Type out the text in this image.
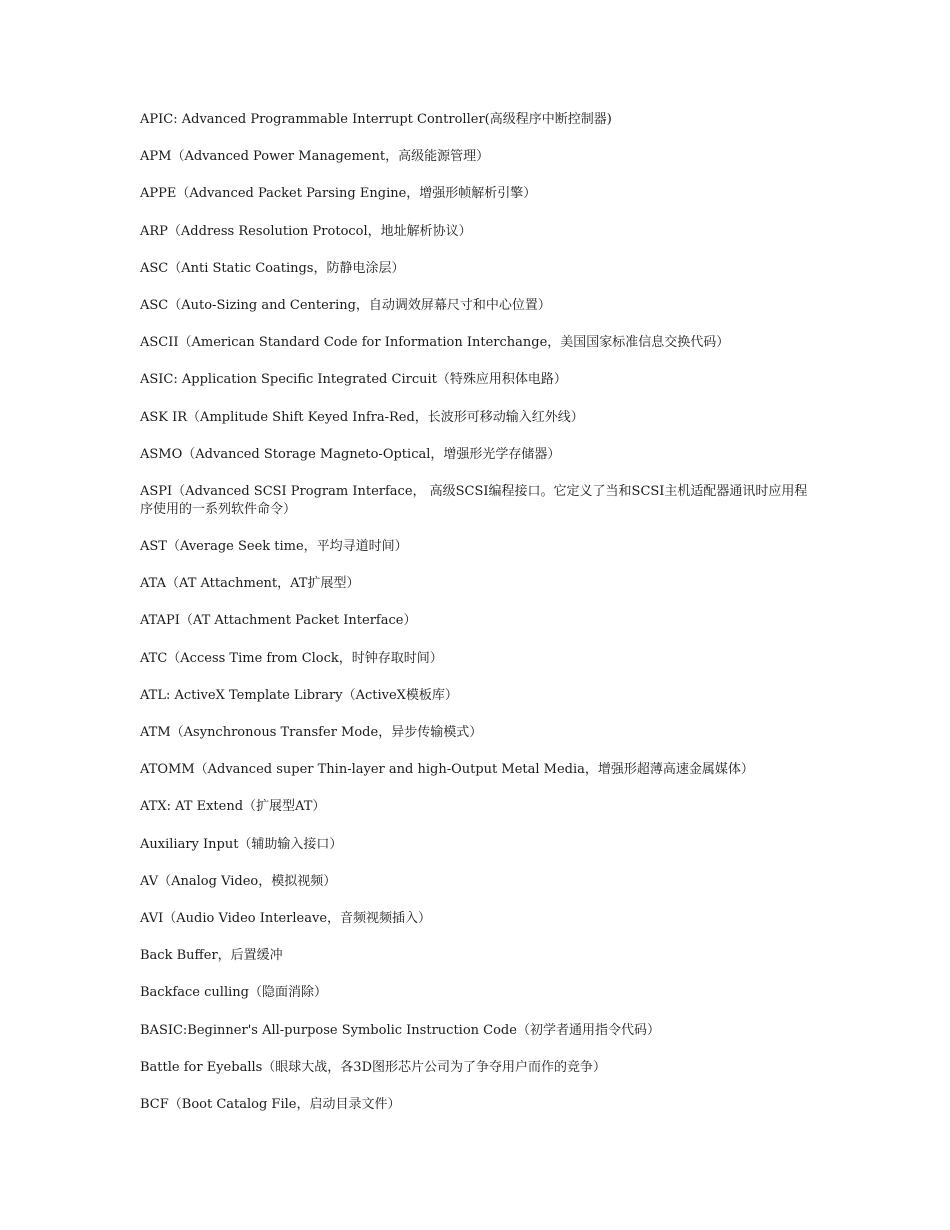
APIC: Advanced Programmable Interrupt Controller(高级程序中断控制器)
APM（Advanced Power Management，高级能源管理）
APPE（Advanced Packet Parsing Engine，增强形帧解析引擎）
ARP（Address Resolution Protocol，地址解析协议）
ASC（Anti Static Coatings，防静电涂层）
ASC（Auto-Sizing and Centering，自动调效屏幕尺寸和中心位置）
ASCII（American Standard Code for Information Interchange，美国国家标准信息交换代码）
ASIC: Application Specific Integrated Circuit（特殊应用积体电路）
ASK IR（Amplitude Shift Keyed Infra-Red，长波形可移动输入红外线）
ASMO（Advanced Storage Magneto-Optical，增强形光学存储器）
ASPI（Advanced SCSI Program Interface， 高级SCSI编程接口。它定义了当和SCSI主机适配器通讯时应用程序使用的一系列软件命令）
AST（Average Seek time，平均寻道时间）
ATA（AT Attachment，AT扩展型）
ATAPI（AT Attachment Packet Interface）
ATC（Access Time from Clock，时钟存取时间）
ATL: ActiveX Template Library（ActiveX模板库）
ATM（Asynchronous Transfer Mode，异步传输模式）
ATOMM（Advanced super Thin-layer and high-Output Metal Media，增强形超薄高速金属媒体）
ATX: AT Extend（扩展型AT）
Auxiliary Input（辅助输入接口）
AV（Analog Video，模拟视频）
AVI（Audio Video Interleave，音频视频插入）
Back Buffer，后置缓冲
Backface culling（隐面消除）
BASIC:Beginner's All-purpose Symbolic Instruction Code（初学者通用指令代码）
Battle for Eyeballs（眼球大战，各3D图形芯片公司为了争夺用户而作的竞争）
BCF（Boot Catalog File，启动目录文件）
